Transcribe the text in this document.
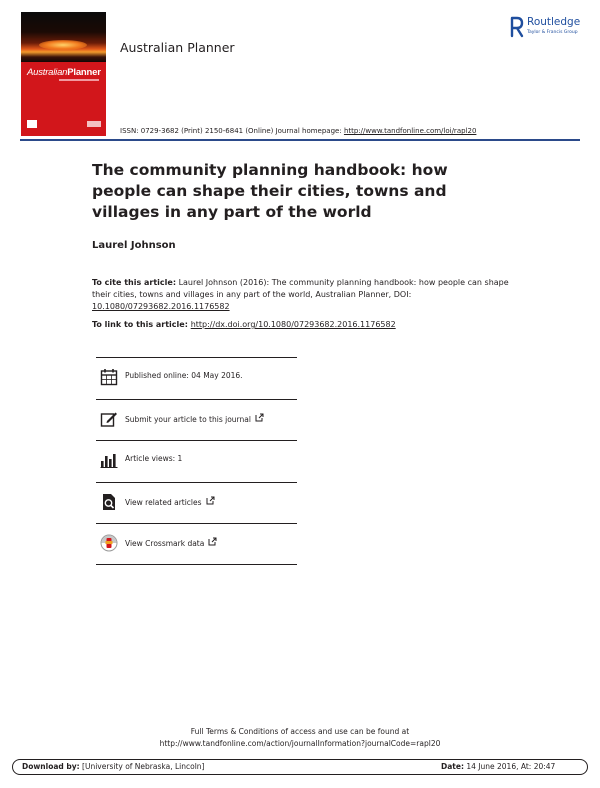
AustralianPlanner
Australian Planner
Routledge
Taylor & Francis Group
ISSN: 0729-3682 (Print) 2150-6841 (Online) Journal homepage: http://www.tandfonline.com/loi/rapl20
The community planning handbook: how people can shape their cities, towns and villages in any part of the world
Laurel Johnson
To cite this article: Laurel Johnson (2016): The community planning handbook: how people can shape their cities, towns and villages in any part of the world, Australian Planner, DOI: 10.1080/07293682.2016.1176582
To link to this article: http://dx.doi.org/10.1080/07293682.2016.1176582
Published online: 04 May 2016.
Submit your article to this journal
Article views: 1
View related articles
View Crossmark data
Full Terms & Conditions of access and use can be found at
http://www.tandfonline.com/action/journalInformation?journalCode=rapl20
Download by: [University of Nebraska, Lincoln]	Date: 14 June 2016, At: 20:47
